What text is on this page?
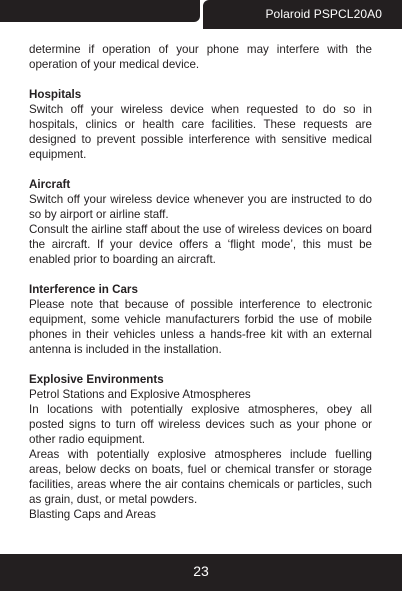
Polaroid PSPCL20A0

determine if operation of your phone may interfere with the operation of your medical device.

Hospitals

Switch off your wireless device when requested to do so in hospitals, clinics or health care facilities. These requests are designed to prevent possible interference with sensitive medical equipment.

Aircraft

Switch off your wireless device whenever you are instructed to do so by airport or airline staff.

Consult the airline staff about the use of wireless devices on board the aircraft. If your device offers a ‘flight mode’, this must be enabled prior to boarding an aircraft.

Interference in Cars

Please note that because of possible interference to electronic equipment, some vehicle manufacturers forbid the use of mobile phones in their vehicles unless a hands-free kit with an external antenna is included in the installation.

Explosive Environments

Petrol Stations and Explosive Atmospheres

In locations with potentially explosive atmospheres, obey all posted signs to turn off wireless devices such as your phone or other radio equipment.

Areas with potentially explosive atmospheres include fuelling areas, below decks on boats, fuel or chemical transfer or storage facilities, areas where the air contains chemicals or particles, such as grain, dust, or metal powders.

Blasting Caps and Areas

23
